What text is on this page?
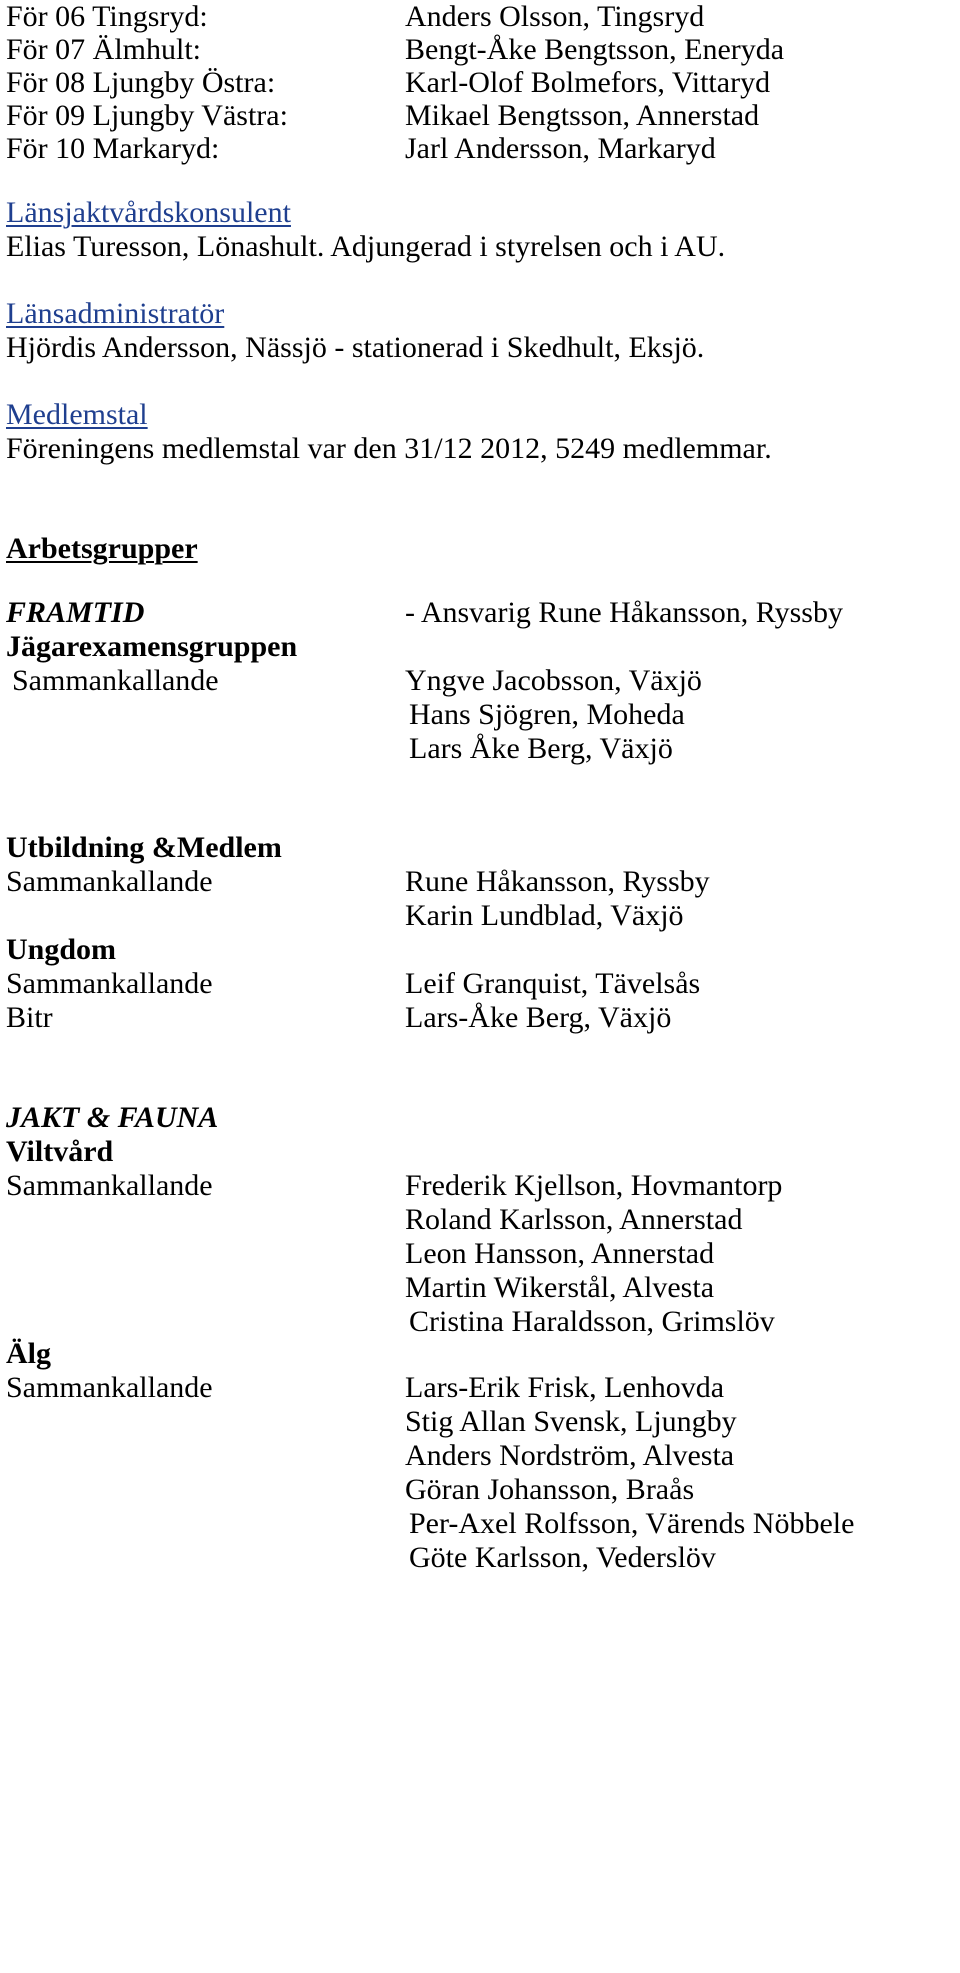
För 06 Tingsryd:	Anders Olsson, Tingsryd
För 07 Älmhult:	Bengt-Åke Bengtsson, Eneryda
För 08 Ljungby Östra:	Karl-Olof Bolmefors, Vittaryd
För 09 Ljungby Västra:	Mikael Bengtsson, Annerstad
För 10 Markaryd:	Jarl Andersson, Markaryd
Länsjaktvårdskonsulent
Elias Turesson, Lönashult. Adjungerad i styrelsen och i AU.
Länsadministratör
Hjördis Andersson, Nässjö - stationerad i Skedhult, Eksjö.
Medlemstal
Föreningens medlemstal var den 31/12 2012, 5249 medlemmar.
Arbetsgrupper
FRAMTID	- Ansvarig Rune Håkansson, Ryssby
Jägarexamensgruppen
Sammankallande	Yngve Jacobsson, Växjö
Hans Sjögren, Moheda
Lars Åke Berg, Växjö
Utbildning &Medlem
Sammankallande	Rune Håkansson, Ryssby
Karin Lundblad, Växjö
Ungdom
Sammankallande	Leif Granquist, Tävelsås
Bitr	Lars-Åke Berg, Växjö
JAKT & FAUNA
Viltvård
Sammankallande	Frederik Kjellson, Hovmantorp
Roland Karlsson, Annerstad
Leon Hansson, Annerstad
Martin Wikerstål, Alvesta
Cristina Haraldsson, Grimslöv
Älg
Sammankallande	Lars-Erik Frisk, Lenhovda
Stig Allan Svensk, Ljungby
Anders Nordström, Alvesta
Göran Johansson, Braås
Per-Axel Rolfsson, Värends Nöbbele
Göte Karlsson, Vederslöv
